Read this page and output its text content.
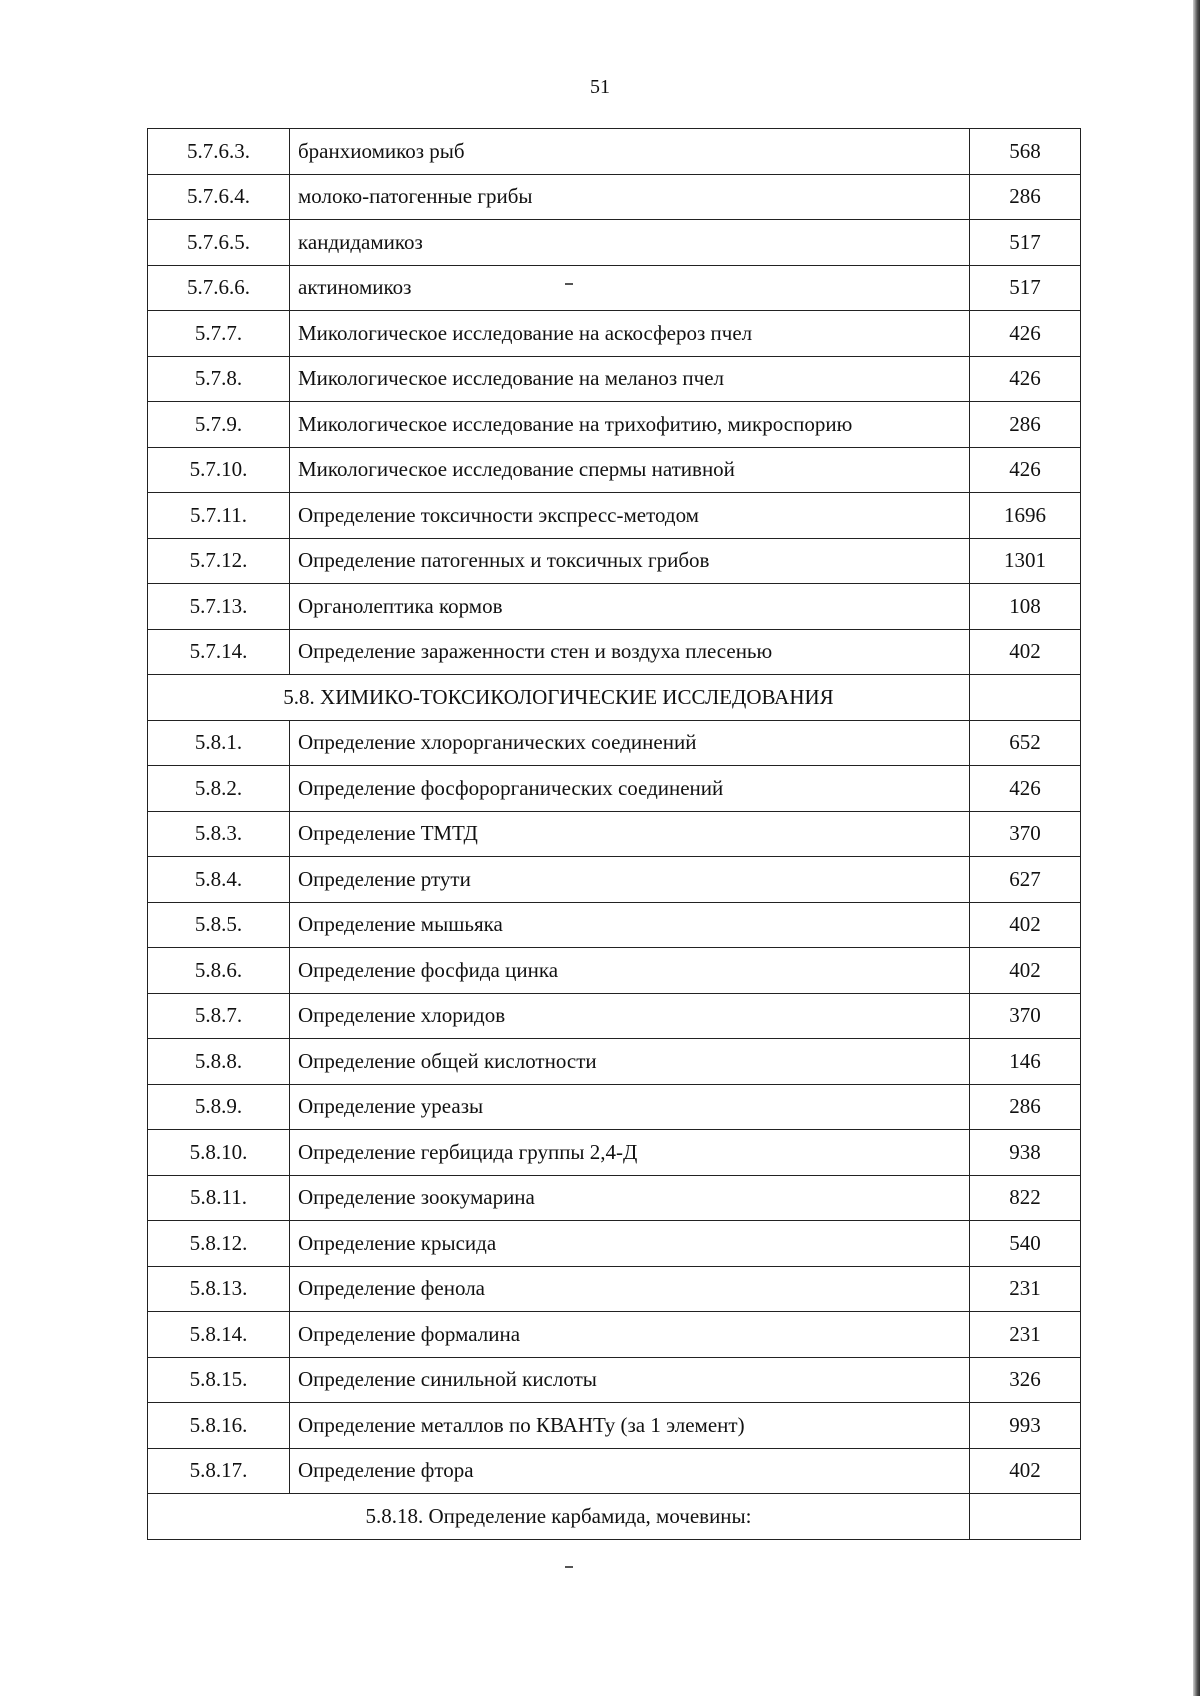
51
5.7.6.3.	бранхиомикоз рыб	568
5.7.6.4.	молоко-патогенные грибы	286
5.7.6.5.	кандидамикоз	517
5.7.6.6.	актиномикоз	517
5.7.7.	Микологическое исследование на аскосфероз пчел	426
5.7.8.	Микологическое исследование на меланоз пчел	426
5.7.9.	Микологическое исследование на трихофитию, микроспорию	286
5.7.10.	Микологическое исследование спермы нативной	426
5.7.11.	Определение токсичности экспресс-методом	1696
5.7.12.	Определение патогенных и токсичных грибов	1301
5.7.13.	Органолептика кормов	108
5.7.14.	Определение зараженности стен и воздуха плесенью	402
5.8. ХИМИКО-ТОКСИКОЛОГИЧЕСКИЕ ИССЛЕДОВАНИЯ		
5.8.1.	Определение хлорорганических соединений	652
5.8.2.	Определение фосфорорганических соединений	426
5.8.3.	Определение ТМТД	370
5.8.4.	Определение ртути	627
5.8.5.	Определение мышьяка	402
5.8.6.	Определение фосфида цинка	402
5.8.7.	Определение хлоридов	370
5.8.8.	Определение общей кислотности	146
5.8.9.	Определение уреазы	286
5.8.10.	Определение гербицида группы 2,4-Д	938
5.8.11.	Определение зоокумарина	822
5.8.12.	Определение крысида	540
5.8.13.	Определение фенола	231
5.8.14.	Определение формалина	231
5.8.15.	Определение синильной кислоты	326
5.8.16.	Определение металлов по КВАНТу (за 1 элемент)	993
5.8.17.	Определение фтора	402
5.8.18. Определение карбамида, мочевины:		
